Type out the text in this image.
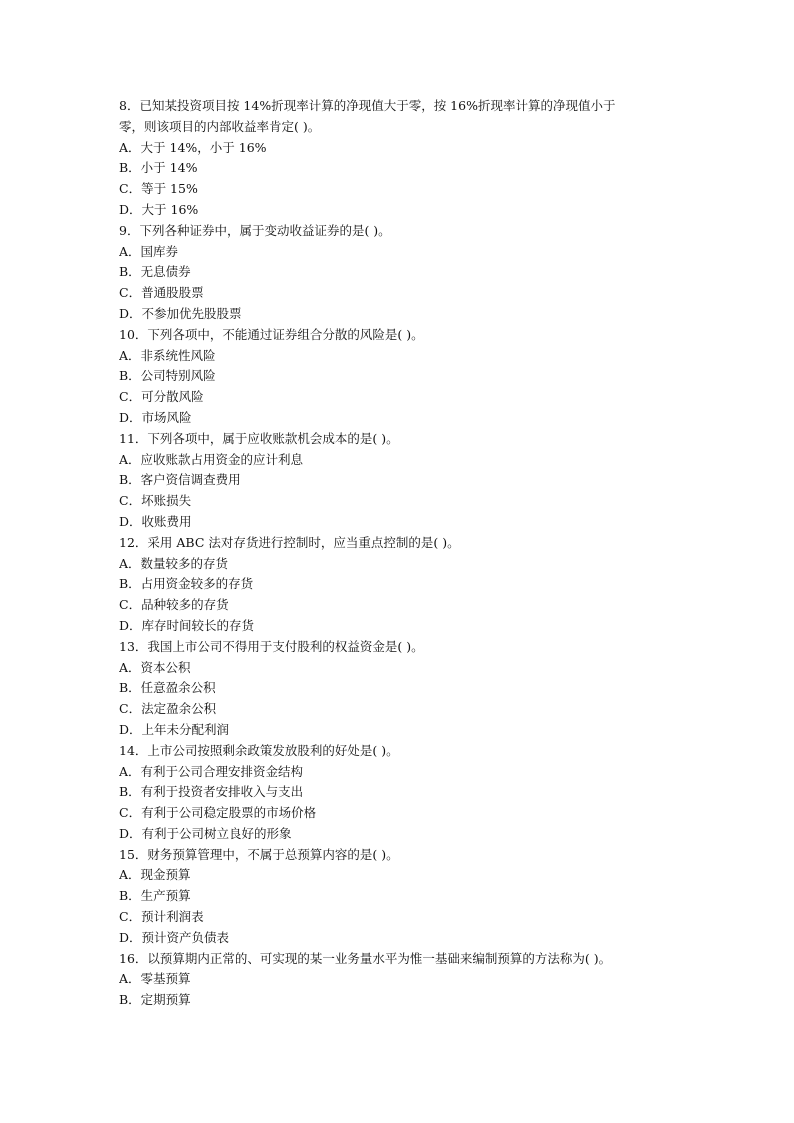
8．已知某投资项目按 14%折现率计算的净现值大于零，按 16%折现率计算的净现值小于
零，则该项目的内部收益率肯定( )。
A．大于 14%，小于 16%
B．小于 14%
C．等于 15%
D．大于 16%
9．下列各种证券中，属于变动收益证券的是( )。
A．国库券
B．无息债券
C．普通股股票
D．不参加优先股股票
10．下列各项中，不能通过证券组合分散的风险是( )。
A．非系统性风险
B．公司特别风险
C．可分散风险
D．市场风险
11．下列各项中，属于应收账款机会成本的是( )。
A．应收账款占用资金的应计利息
B．客户资信调查费用
C．坏账损失
D．收账费用
12．采用 ABC 法对存货进行控制时，应当重点控制的是( )。
A．数量较多的存货
B．占用资金较多的存货
C．品种较多的存货
D．库存时间较长的存货
13．我国上市公司不得用于支付股利的权益资金是( )。
A．资本公积
B．任意盈余公积
C．法定盈余公积
D．上年未分配利润
14．上市公司按照剩余政策发放股利的好处是( )。
A．有利于公司合理安排资金结构
B．有利于投资者安排收入与支出
C．有利于公司稳定股票的市场价格
D．有利于公司树立良好的形象
15．财务预算管理中，不属于总预算内容的是( )。
A．现金预算
B．生产预算
C．预计利润表
D．预计资产负债表
16．以预算期内正常的、可实现的某一业务量水平为惟一基础来编制预算的方法称为( )。
A．零基预算
B．定期预算
